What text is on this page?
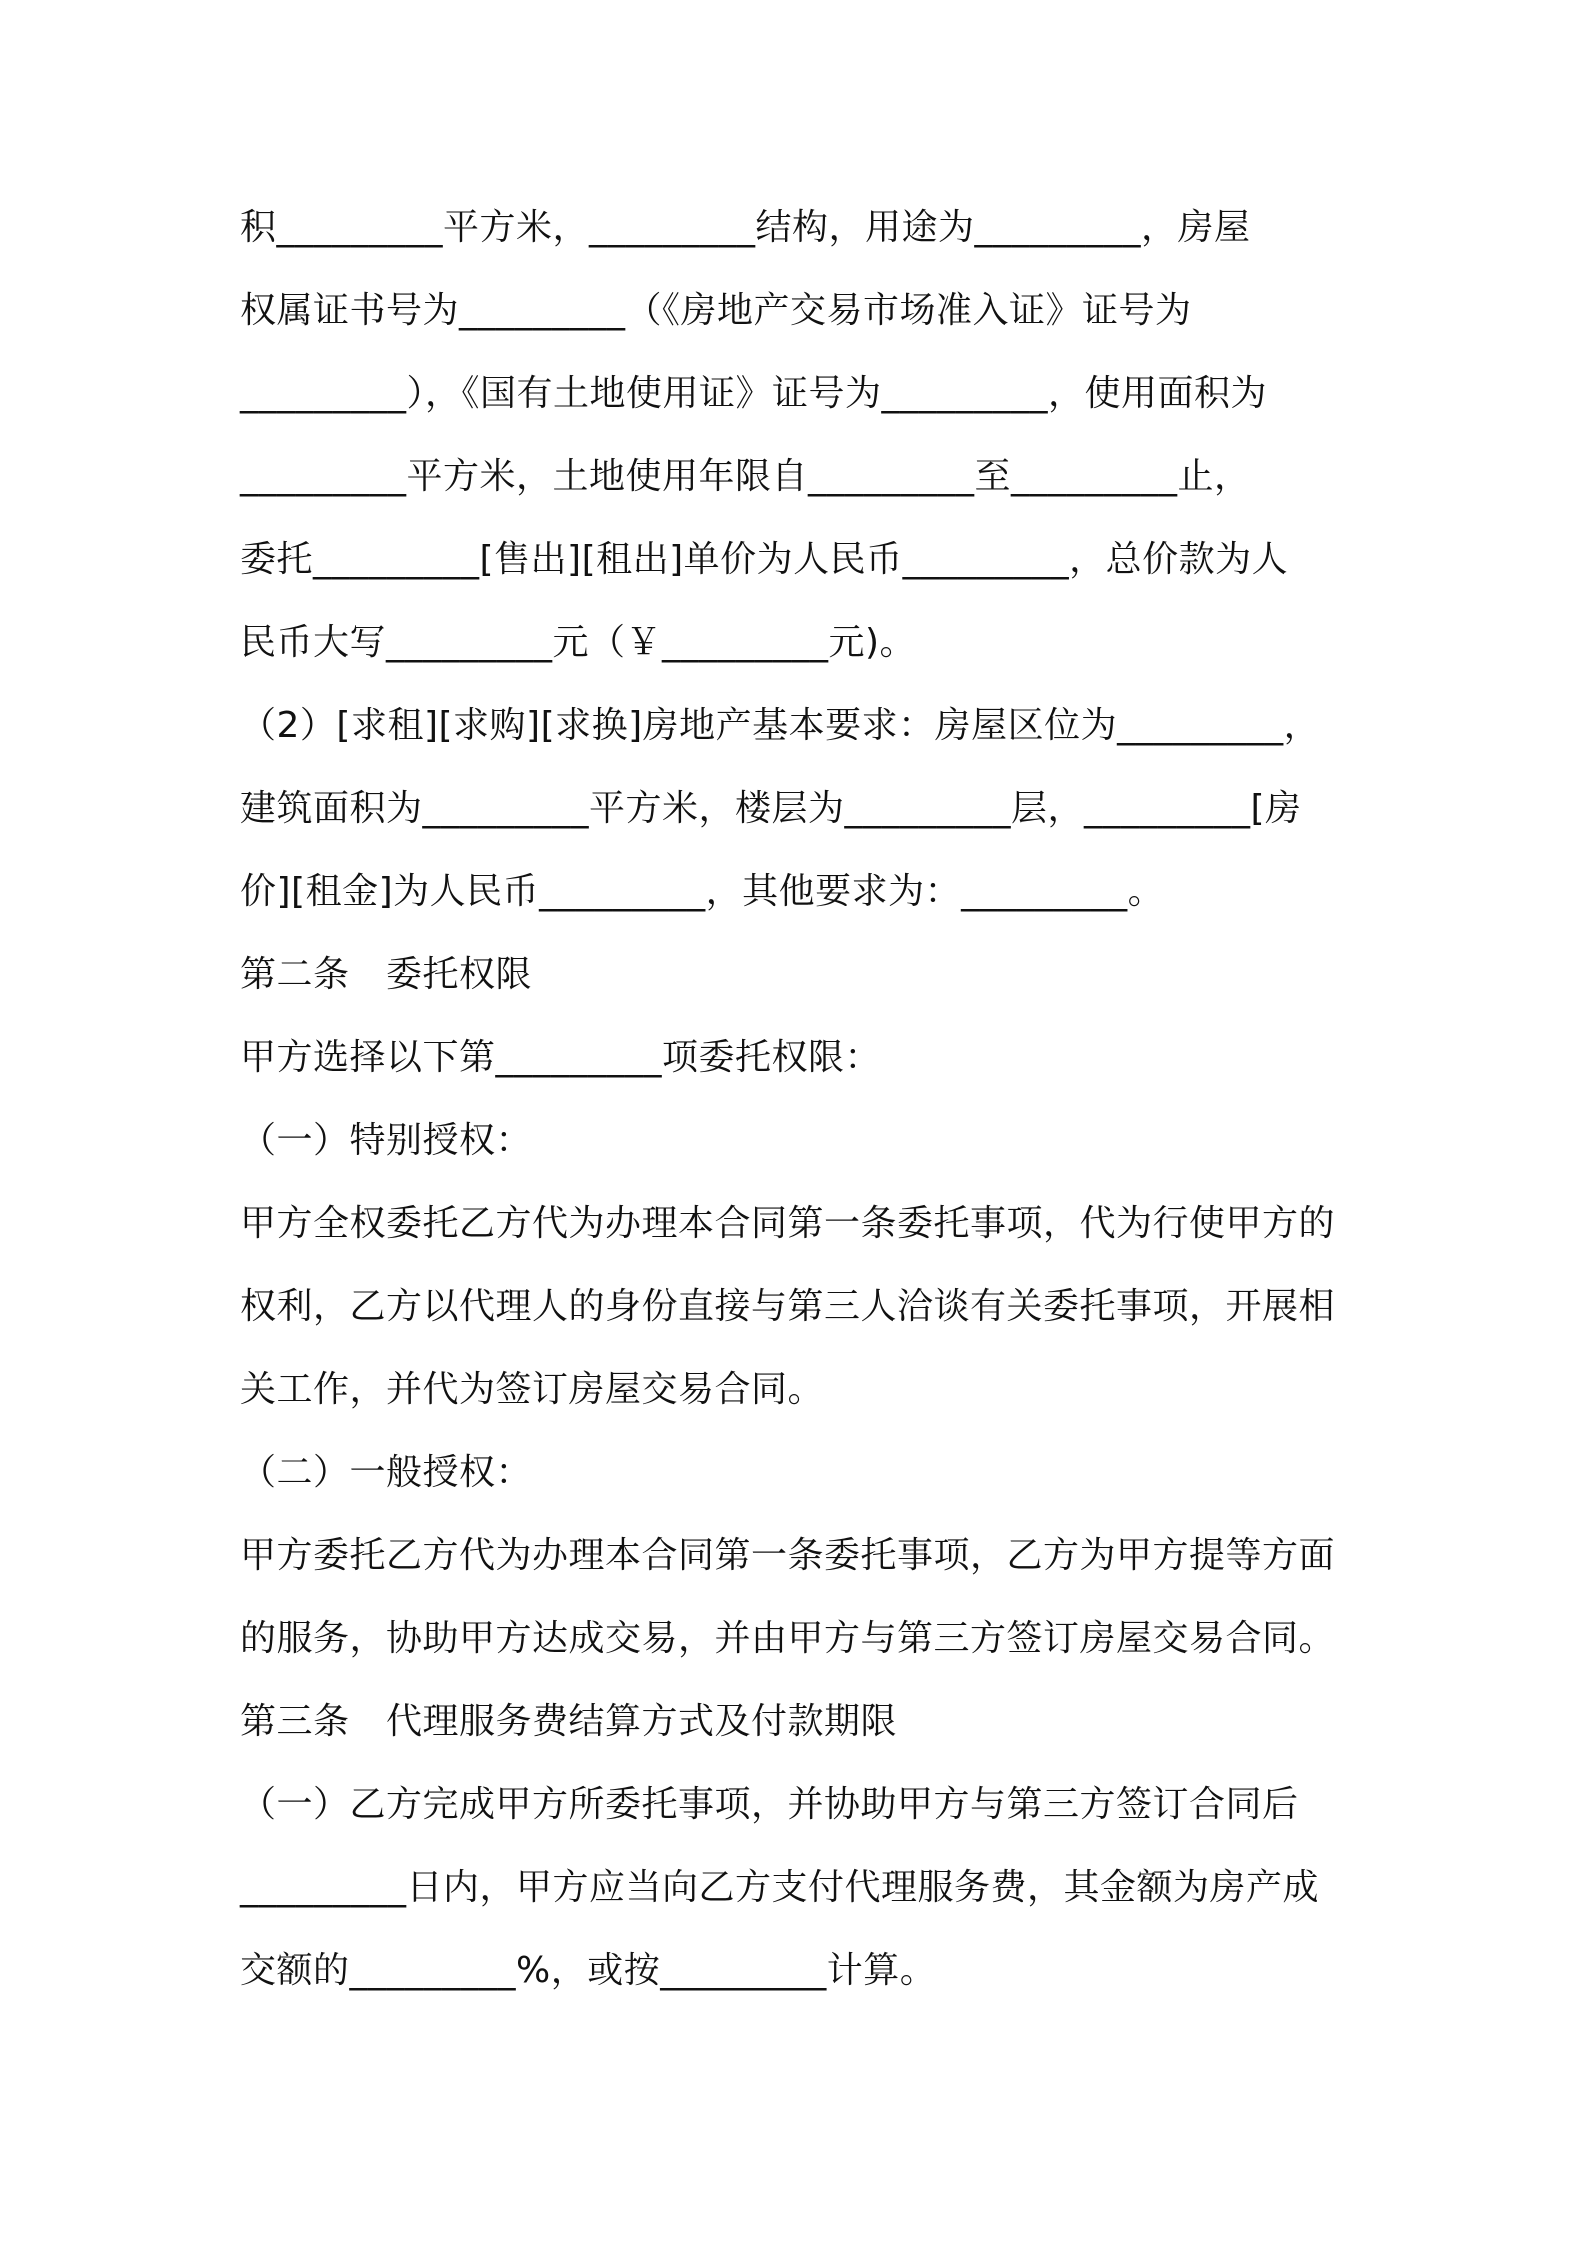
积_________平方米，_________结构，用途为_________，房屋
权属证书号为_________（《房地产交易市场准入证》证号为
_________），《国有土地使用证》证号为_________，使用面积为
_________平方米，土地使用年限自_________至_________止，
委托_________[售出][租出]单价为人民币_________，总价款为人
民币大写_________元（￥_________元)。
（2）[求租][求购][求换]房地产基本要求：房屋区位为_________，
建筑面积为_________平方米，楼层为_________层，_________[房
价][租金]为人民币_________，其他要求为：_________。
第二条　委托权限
甲方选择以下第_________项委托权限：
（一）特别授权：
甲方全权委托乙方代为办理本合同第一条委托事项，代为行使甲方的
权利，乙方以代理人的身份直接与第三人洽谈有关委托事项，开展相
关工作，并代为签订房屋交易合同。
（二）一般授权：
甲方委托乙方代为办理本合同第一条委托事项，乙方为甲方提等方面
的服务，协助甲方达成交易，并由甲方与第三方签订房屋交易合同。
第三条　代理服务费结算方式及付款期限
（一）乙方完成甲方所委托事项，并协助甲方与第三方签订合同后
_________日内，甲方应当向乙方支付代理服务费，其金额为房产成
交额的_________%，或按_________计算。
